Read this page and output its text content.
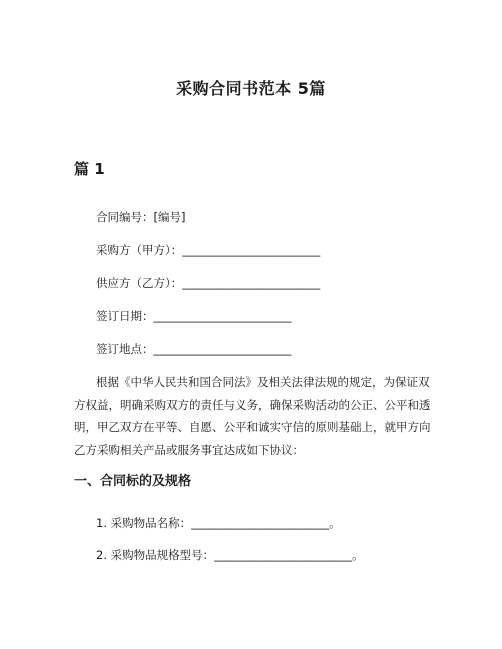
采购合同书范本 5篇
篇 1
合同编号：[编号]
采购方（甲方）：________________________
供应方（乙方）：________________________
签订日期：________________________
签订地点：________________________

根据《中华人民共和国合同法》及相关法律法规的规定，为保证双方权益，明确采购双方的责任与义务，确保采购活动的公正、公平和透明，甲乙双方在平等、自愿、公平和诚实守信的原则基础上，就甲方向乙方采购相关产品或服务事宜达成如下协议：

一、合同标的及规格
1. 采购物品名称：________________________。
2. 采购物品规格型号：________________________。
